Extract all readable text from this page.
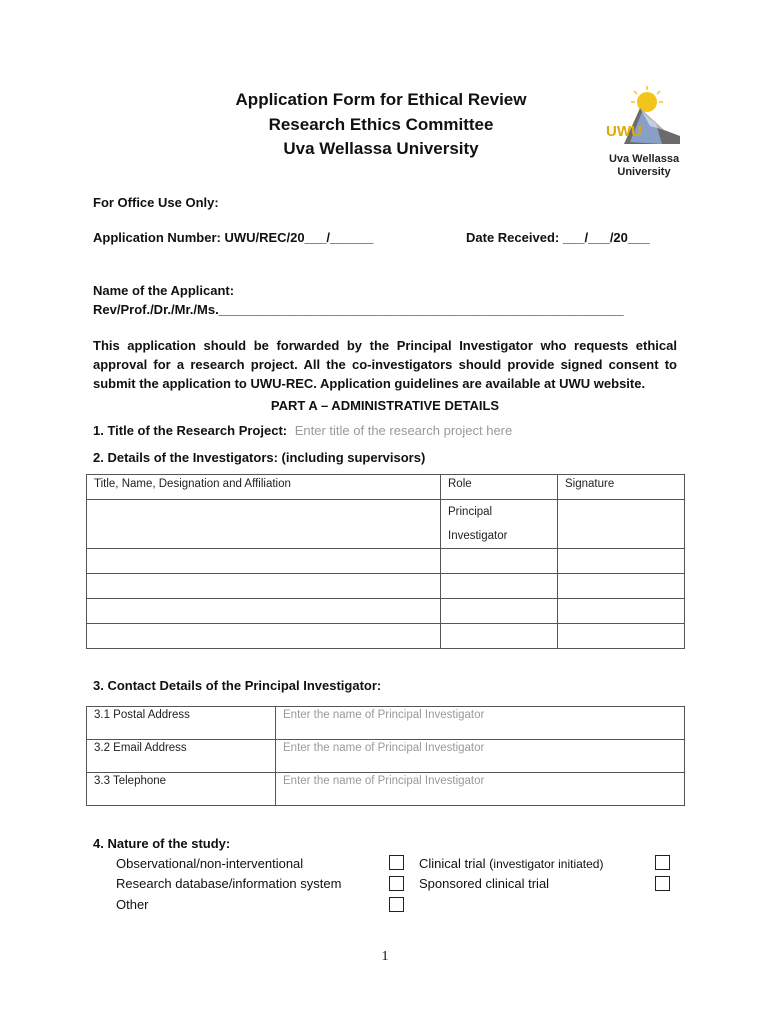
Application Form for Ethical Review
Research Ethics Committee
Uva Wellassa University
UWU
Uva Wellassa
University
For Office Use Only:
Application Number: UWU/REC/20___/______	Date Received: ___/___/20___
Name of the Applicant:
Rev/Prof./Dr./Mr./Ms.________________________________________________________
This application should be forwarded by the Principal Investigator who requests ethical approval for a research project. All the co-investigators should provide signed consent to submit the application to UWU-REC. Application guidelines are available at UWU website.
PART A – ADMINISTRATIVE DETAILS
1. Title of the Research Project: Enter title of the research project here
2. Details of the Investigators: (including supervisors)
Title, Name, Designation and Affiliation	Role	Signature

	Principal
Investigator	

3. Contact Details of the Principal Investigator:
3.1 Postal Address	Enter the name of Principal Investigator
3.2 Email Address	Enter the name of Principal Investigator
3.3 Telephone	Enter the name of Principal Investigator
4. Nature of the study:
Observational/non-interventional	Clinical trial (investigator initiated)
Research database/information system	Sponsored clinical trial
Other
1
